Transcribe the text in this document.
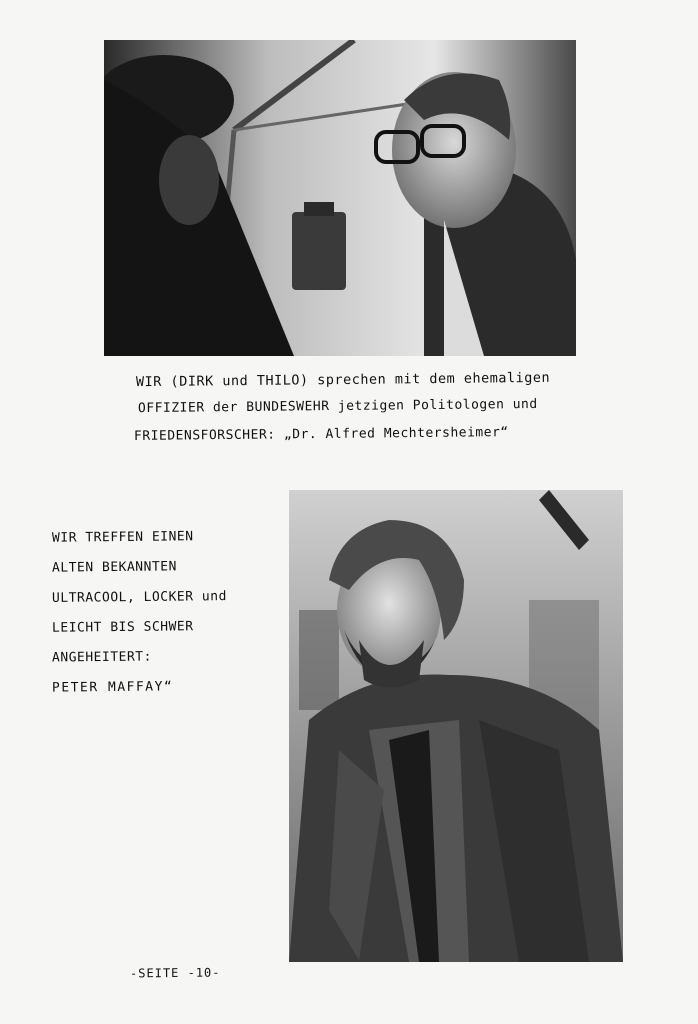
WIR (DIRK und THILO) sprechen mit dem ehemaligen
OFFIZIER der BUNDESWEHR jetzigen Politologen und
FRIEDENSFORSCHER: „Dr. Alfred Mechtersheimer“
WIR TREFFEN EINEN
ALTEN BEKANNTEN
ULTRACOOL, LOCKER und
LEICHT BIS SCHWER
ANGEHEITERT:
PETER MAFFAY“
-SEITE -10-
